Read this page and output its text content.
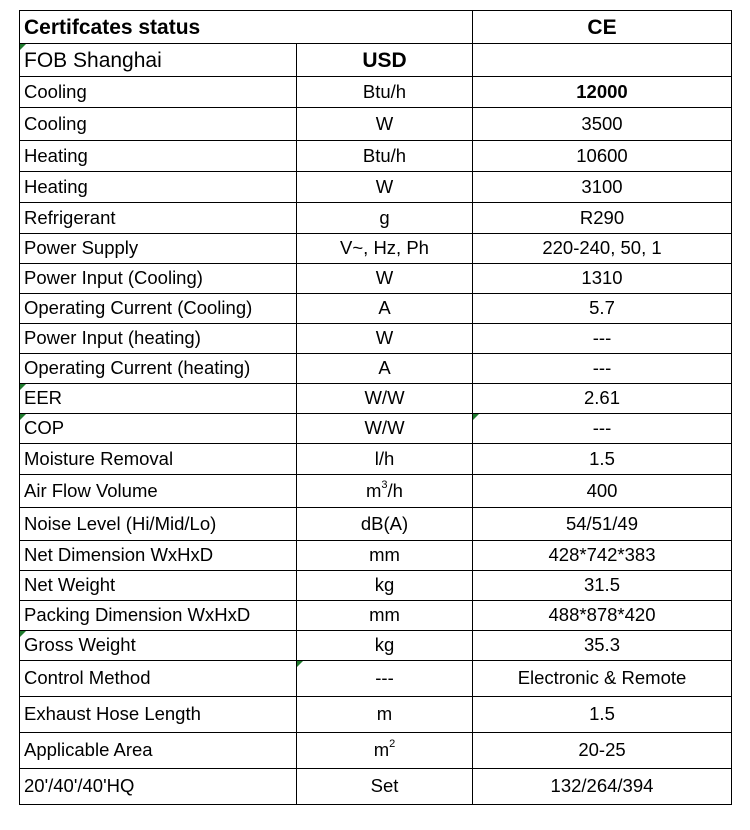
Certifcates status		CE

FOB Shanghai	USD	
Cooling	Btu/h	12000
Cooling	W	3500
Heating	Btu/h	10600
Heating	W	3100
Refrigerant	g	R290
Power Supply	V~, Hz, Ph	220-240, 50, 1
Power Input (Cooling)	W	1310
Operating Current (Cooling)	A	5.7
Power Input (heating)	W	---
Operating Current (heating)	A	---

EER	W/W	2.61

COP	W/W	---
Moisture Removal	l/h	1.5
Air Flow Volume	$m^3/h$	400
Noise Level (Hi/Mid/Lo)	dB(A)	54/51/49
Net Dimension WxHxD	mm	428*742*383
Net Weight	kg	31.5
Packing Dimension WxHxD	mm	488*878*420

Gross Weight	kg	35.3
Control Method	---	Electronic & Remote
Exhaust Hose Length	m	1.5
Applicable Area	$m^2$	20-25
20'/40'/40'HQ	Set	132/264/394
